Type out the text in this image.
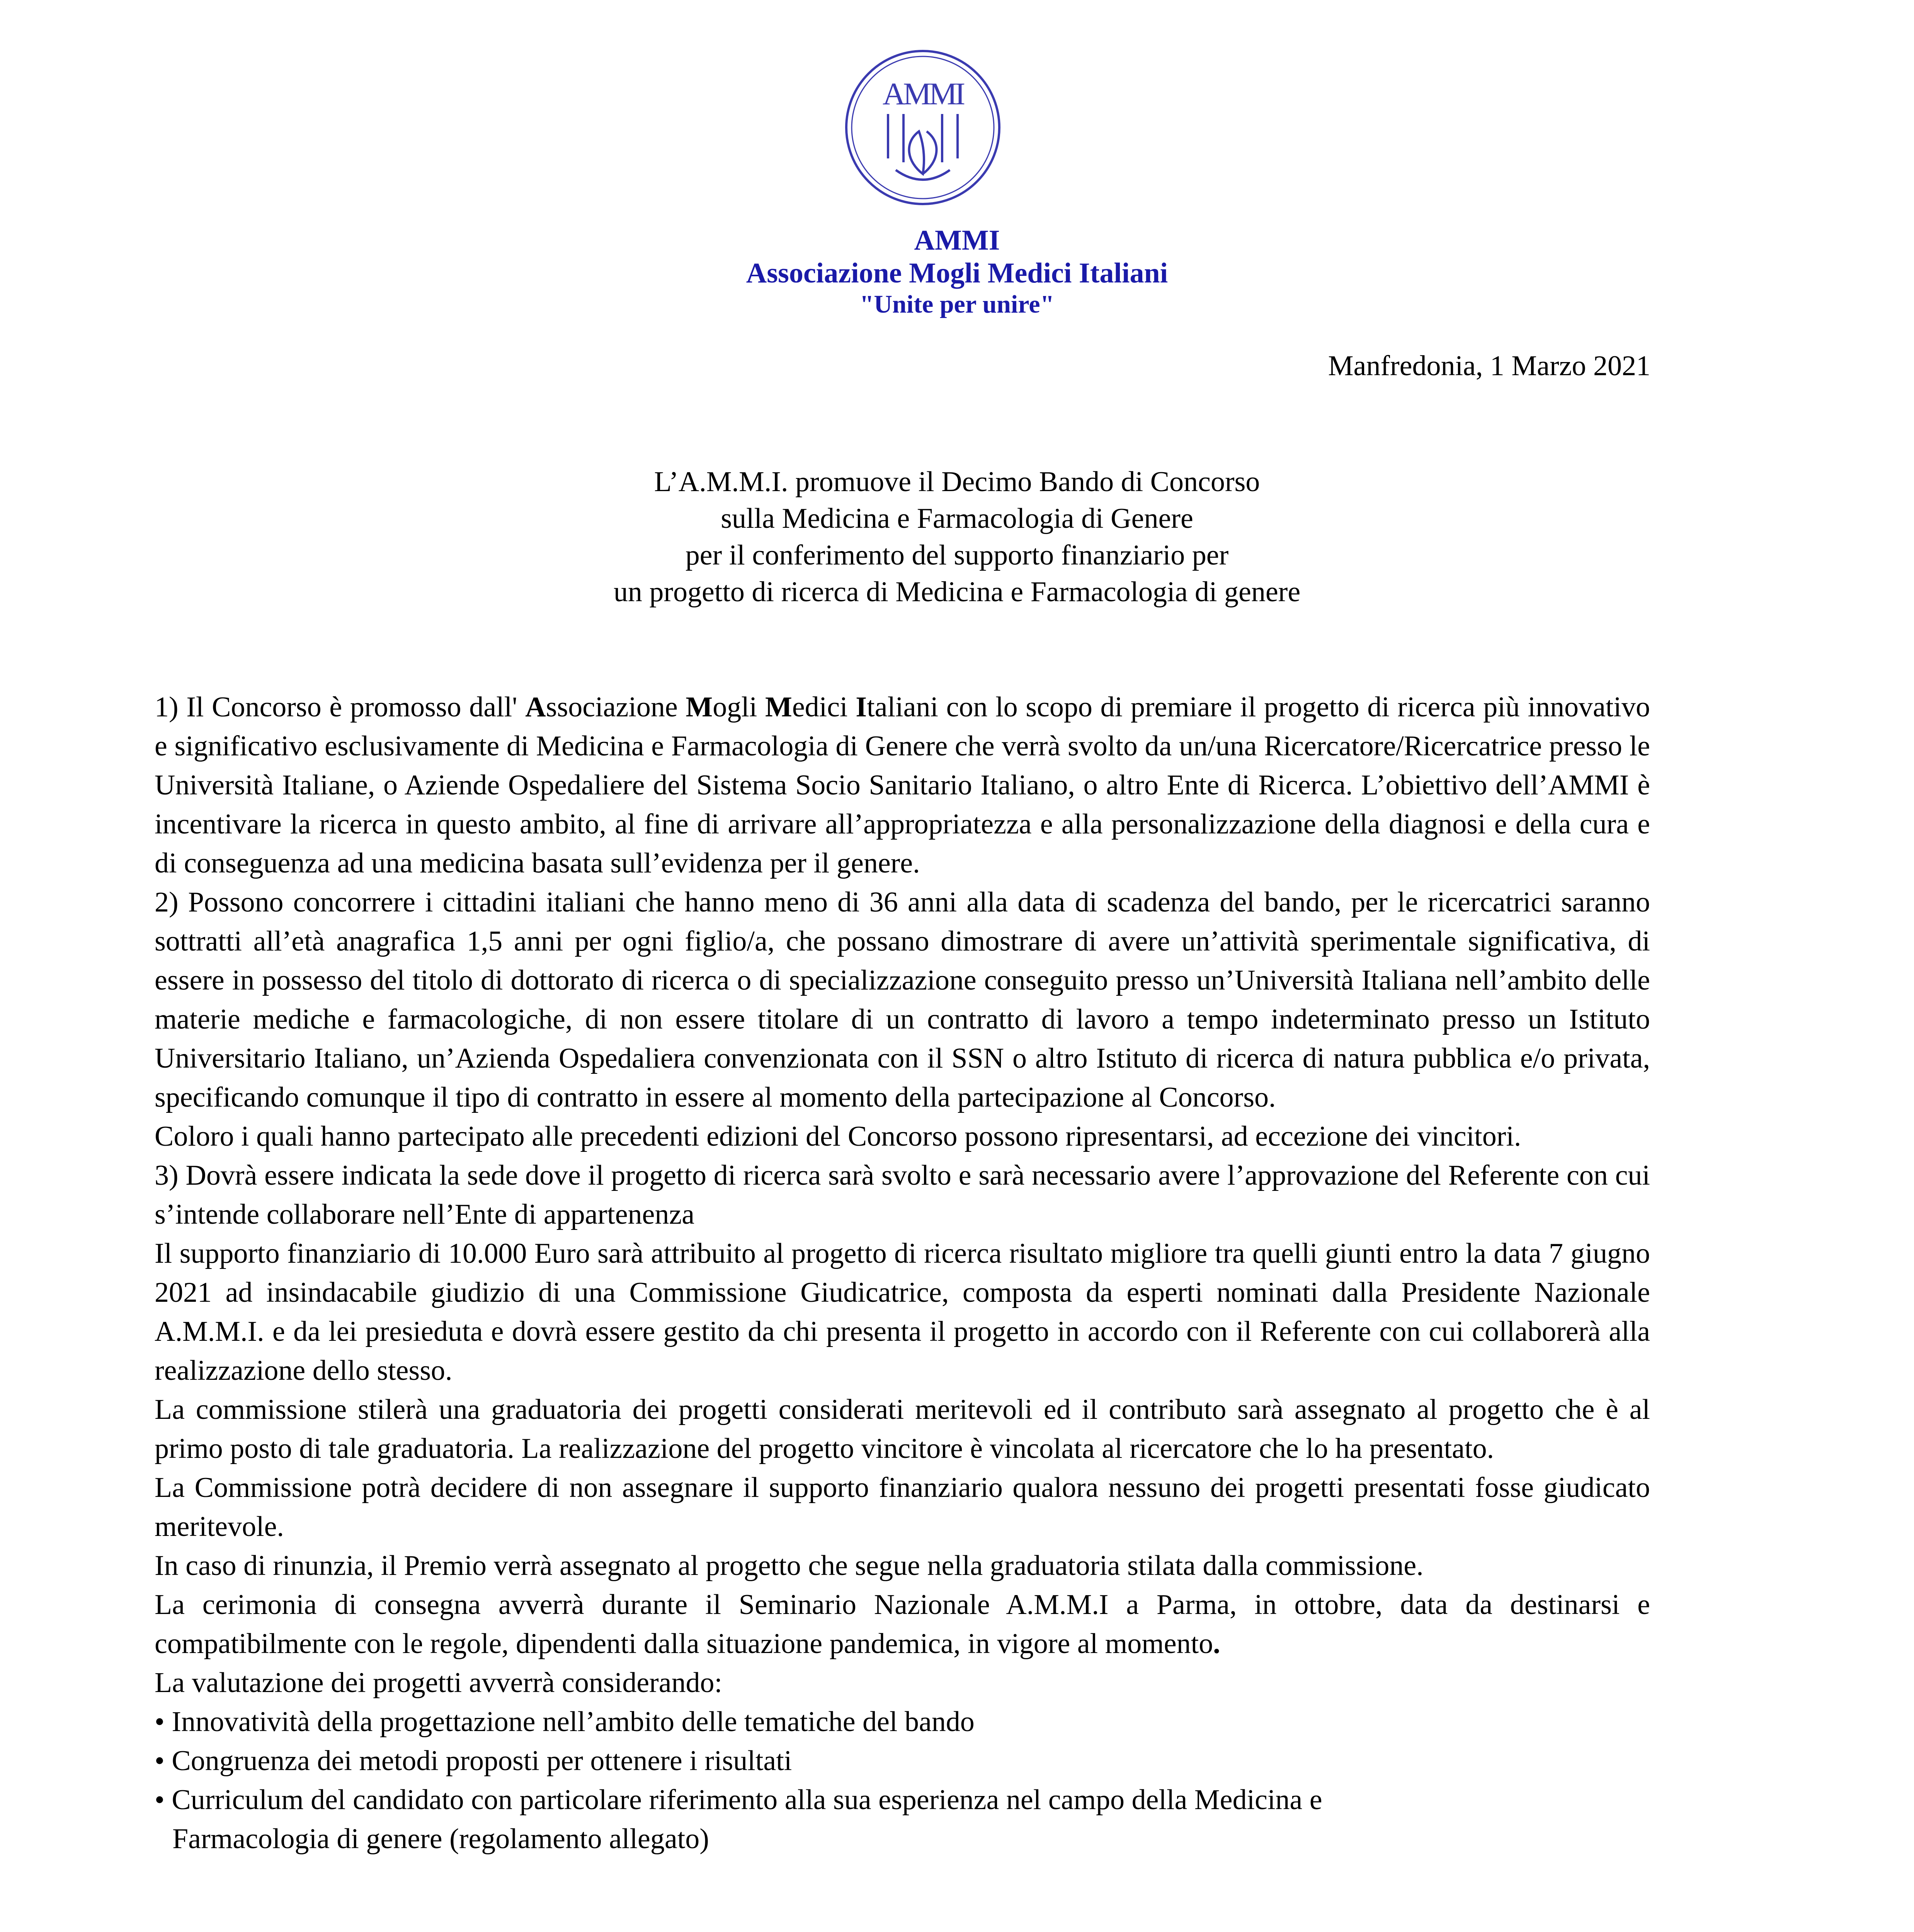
AMMI
AMMI
Associazione Mogli Medici Italiani
"Unite per unire"
Manfredonia, 1 Marzo 2021
L’A.M.M.I. promuove il Decimo Bando di Concorso
sulla Medicina e Farmacologia di Genere
per il conferimento del supporto finanziario per
un progetto di ricerca di Medicina e Farmacologia di genere

1) Il Concorso è promosso dall' Associazione Mogli Medici Italiani con lo scopo di premiare il progetto di ricerca più innovativo e significativo esclusivamente di Medicina e Farmacologia di Genere che verrà svolto da un/una Ricercatore/Ricercatrice presso le Università Italiane, o Aziende Ospedaliere del Sistema Socio Sanitario Italiano, o altro Ente di Ricerca. L’obiettivo dell’AMMI è incentivare la ricerca in questo ambito, al fine di arrivare all’appropriatezza e alla personalizzazione della diagnosi e della cura e di conseguenza ad una medicina basata sull’evidenza per il genere.

2) Possono concorrere i cittadini italiani che hanno meno di 36 anni alla data di scadenza del bando, per le ricercatrici saranno sottratti all’età anagrafica 1,5 anni per ogni figlio/a, che possano dimostrare di avere un’attività sperimentale significativa, di essere in possesso del titolo di dottorato di ricerca o di specializzazione conseguito presso un’Università Italiana nell’ambito delle materie mediche e farmacologiche, di non essere titolare di un contratto di lavoro a tempo indeterminato presso un Istituto Universitario Italiano, un’Azienda Ospedaliera convenzionata con il SSN o altro Istituto di ricerca di natura pubblica e/o privata, specificando comunque il tipo di contratto in essere al momento della partecipazione al Concorso.

Coloro i quali hanno partecipato alle precedenti edizioni del Concorso possono ripresentarsi, ad eccezione dei vincitori.

3) Dovrà essere indicata la sede dove il progetto di ricerca sarà svolto e sarà necessario avere l’approvazione del Referente con cui s’intende collaborare nell’Ente di appartenenza

Il supporto finanziario di 10.000 Euro sarà attribuito al progetto di ricerca risultato migliore tra quelli giunti entro la data 7 giugno 2021 ad insindacabile giudizio di una Commissione Giudicatrice, composta da esperti nominati dalla Presidente Nazionale A.M.M.I. e da lei presieduta e dovrà essere gestito da chi presenta il progetto in accordo con il Referente con cui collaborerà alla realizzazione dello stesso.

La commissione stilerà una graduatoria dei progetti considerati meritevoli ed il contributo sarà assegnato al progetto che è al primo posto di tale graduatoria. La realizzazione del progetto vincitore è vincolata al ricercatore che lo ha presentato.

La Commissione potrà decidere di non assegnare il supporto finanziario qualora nessuno dei progetti presentati fosse giudicato meritevole.

In caso di rinunzia, il Premio verrà assegnato al progetto che segue nella graduatoria stilata dalla commissione.

La cerimonia di consegna avverrà durante il Seminario Nazionale A.M.M.I a Parma, in ottobre, data da destinarsi e compatibilmente con le regole, dipendenti dalla situazione pandemica, in vigore al momento.

La valutazione dei progetti avverrà considerando:

• Innovatività della progettazione nell’ambito delle tematiche del bando

• Congruenza dei metodi proposti per ottenere i risultati

• Curriculum del candidato con particolare riferimento alla sua esperienza nel campo della Medicina e

Farmacologia di genere (regolamento allegato)
